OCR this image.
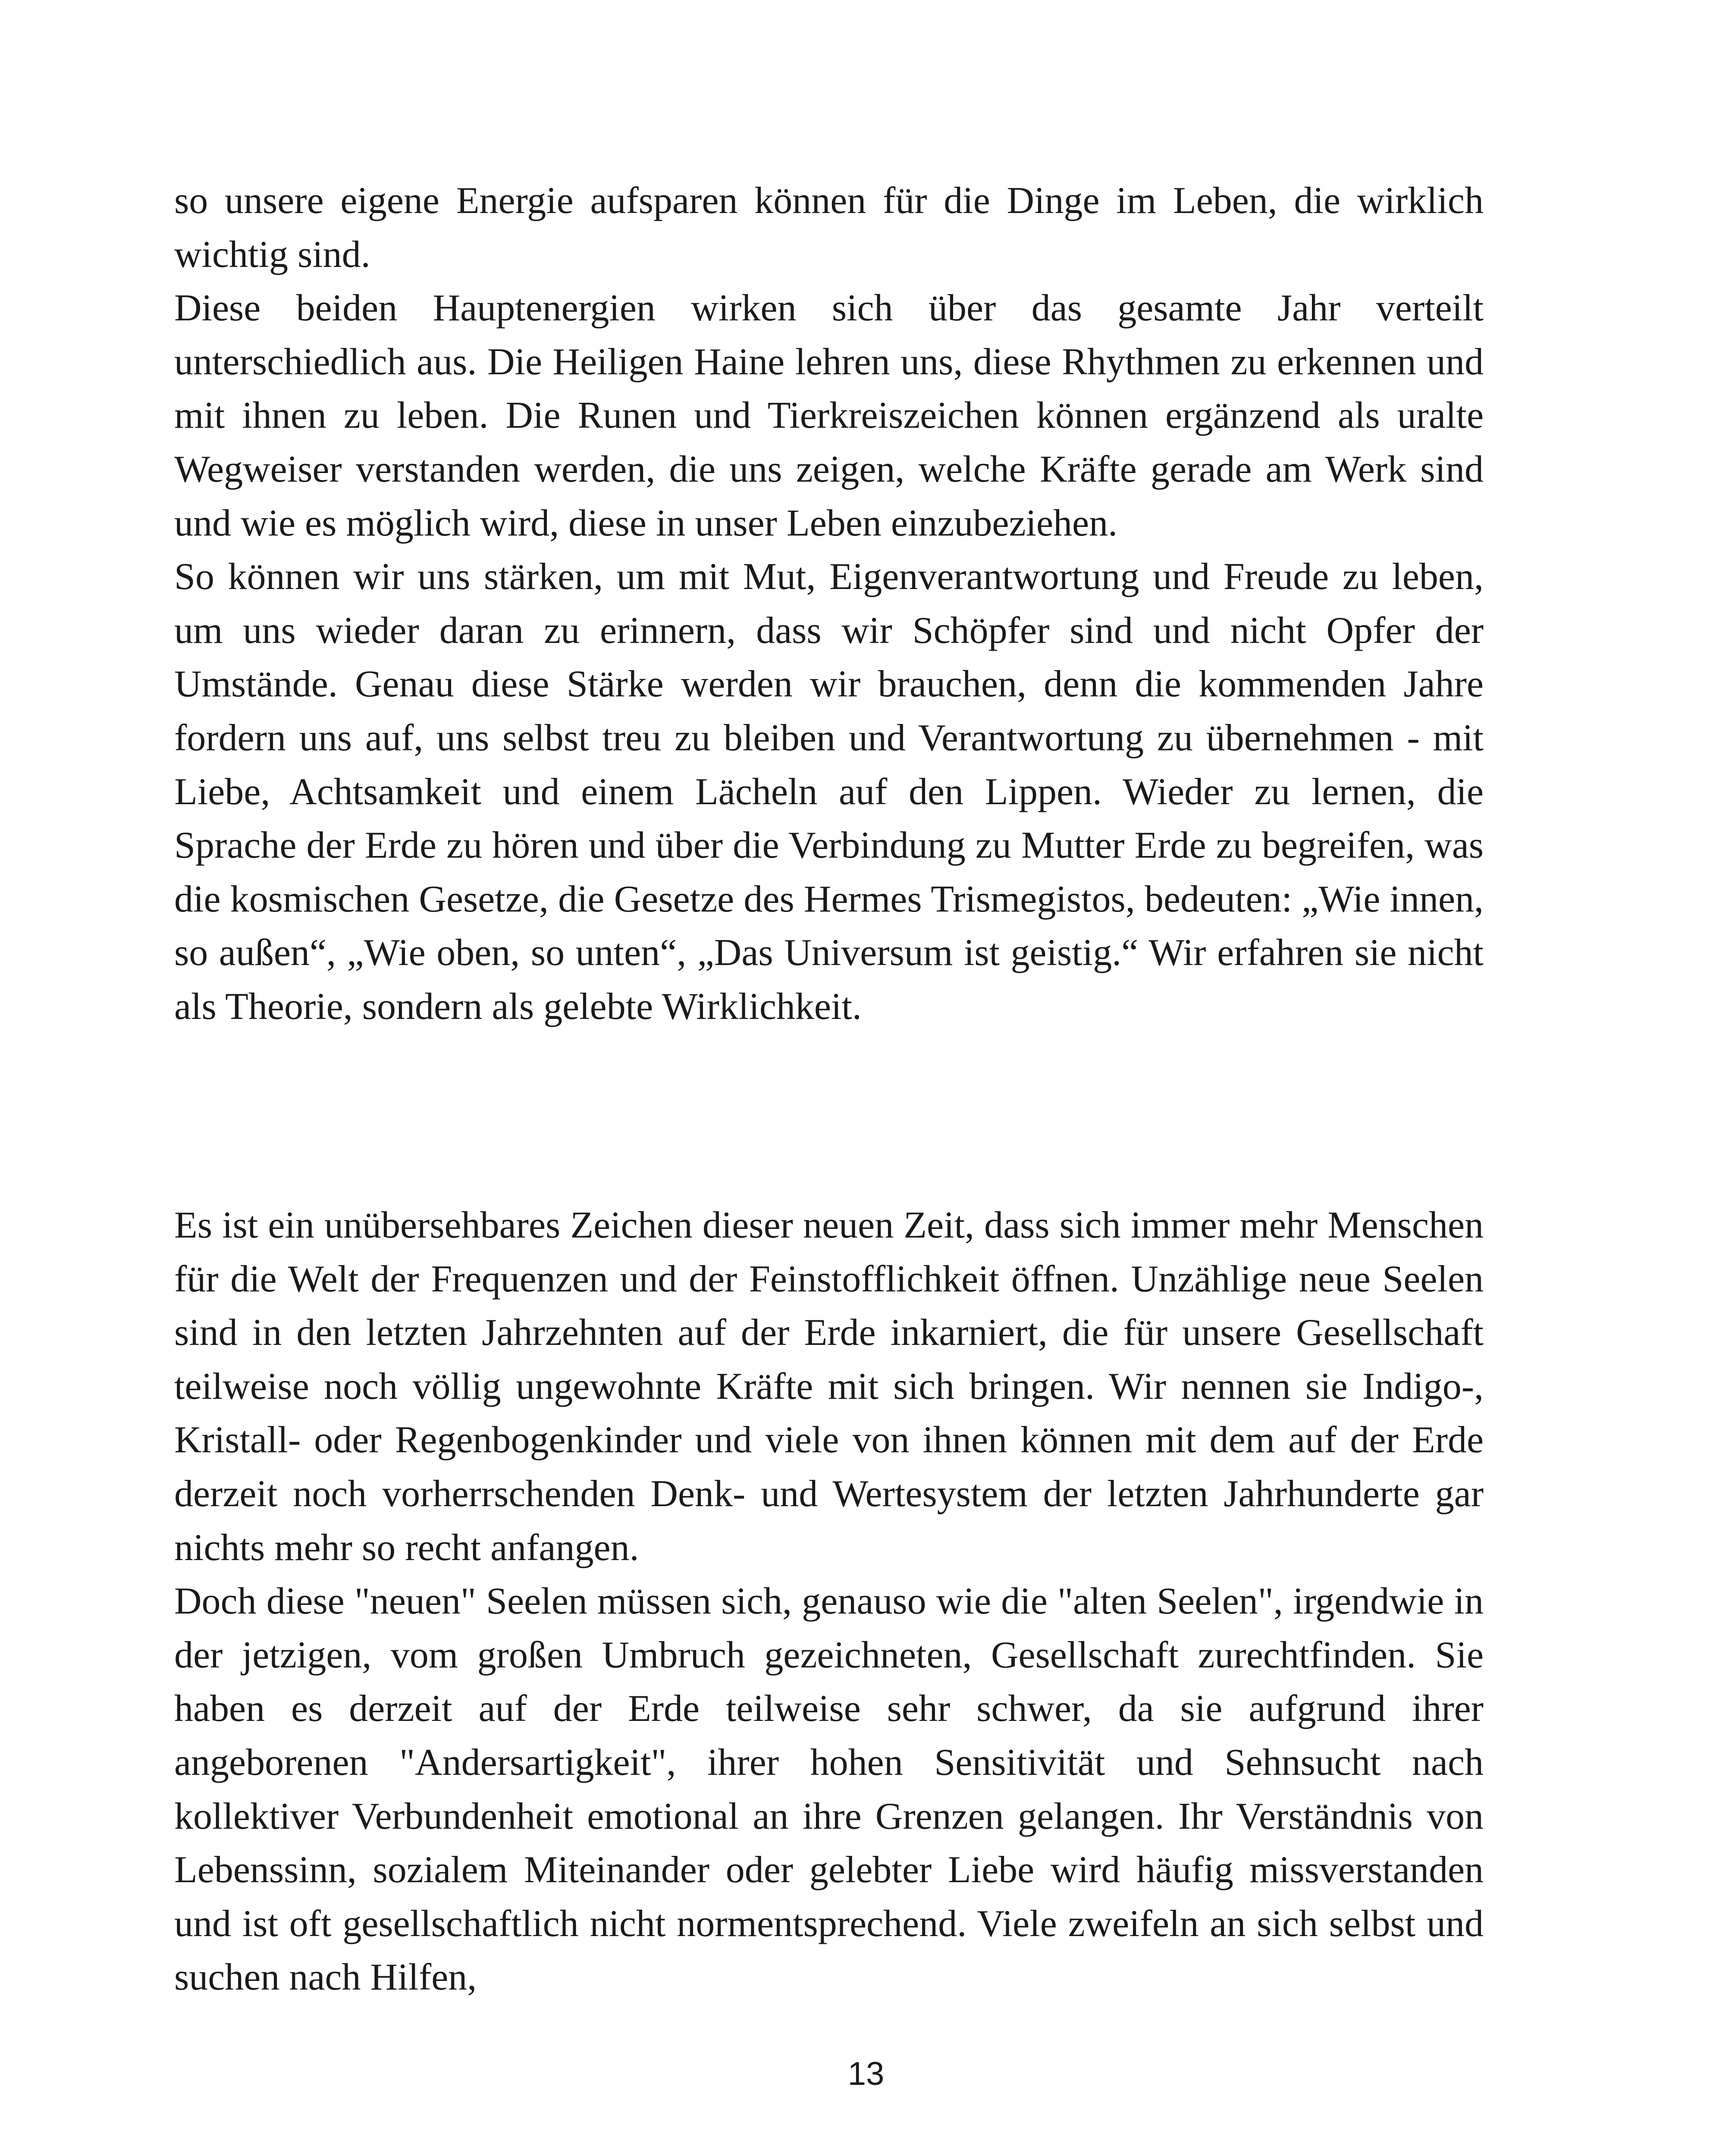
so unsere eigene Energie aufsparen können für die Dinge im Leben, die wirklich wichtig sind.

Diese beiden Hauptenergien wirken sich über das gesamte Jahr verteilt unterschiedlich aus. Die Heiligen Haine lehren uns, diese Rhythmen zu erkennen und mit ihnen zu leben. Die Runen und Tierkreiszeichen können ergänzend als uralte Wegweiser verstanden werden, die uns zeigen, welche Kräfte gerade am Werk sind und wie es möglich wird, diese in unser Leben einzubeziehen.

So können wir uns stärken, um mit Mut, Eigenverantwortung und Freude zu leben, um uns wieder daran zu erinnern, dass wir Schöpfer sind und nicht Opfer der Umstände. Genau diese Stärke werden wir brauchen, denn die kommenden Jahre fordern uns auf, uns selbst treu zu bleiben und Verantwortung zu übernehmen - mit Liebe, Achtsamkeit und einem Lächeln auf den Lippen. Wieder zu lernen, die Sprache der Erde zu hören und über die Verbindung zu Mutter Erde zu begreifen, was die kosmischen Gesetze, die Gesetze des Hermes Trismegistos, bedeuten: „Wie innen, so außen“, „Wie oben, so unten“, „Das Universum ist geistig.“ Wir erfahren sie nicht als Theorie, sondern als gelebte Wirklichkeit.

Es ist ein unübersehbares Zeichen dieser neuen Zeit, dass sich immer mehr Menschen für die Welt der Frequenzen und der Feinstofflichkeit öffnen. Unzählige neue Seelen sind in den letzten Jahrzehnten auf der Erde inkarniert, die für unsere Gesellschaft teilweise noch völlig ungewohnte Kräfte mit sich bringen. Wir nennen sie Indigo-, Kristall- oder Regenbogenkinder und viele von ihnen können mit dem auf der Erde derzeit noch vorherrschenden Denk- und Wertesystem der letzten Jahrhunderte gar nichts mehr so recht anfangen.

Doch diese "neuen" Seelen müssen sich, genauso wie die "alten Seelen", irgendwie in der jetzigen, vom großen Umbruch gezeichneten, Gesellschaft zurechtfinden. Sie haben es derzeit auf der Erde teilweise sehr schwer, da sie aufgrund ihrer angeborenen "Andersartigkeit", ihrer hohen Sensitivität und Sehnsucht nach kollektiver Verbundenheit emotional an ihre Grenzen gelangen. Ihr Verständnis von Lebenssinn, sozialem Miteinander oder gelebter Liebe wird häufig missverstanden und ist oft gesellschaftlich nicht normentsprechend. Viele zweifeln an sich selbst und suchen nach Hilfen,

13
